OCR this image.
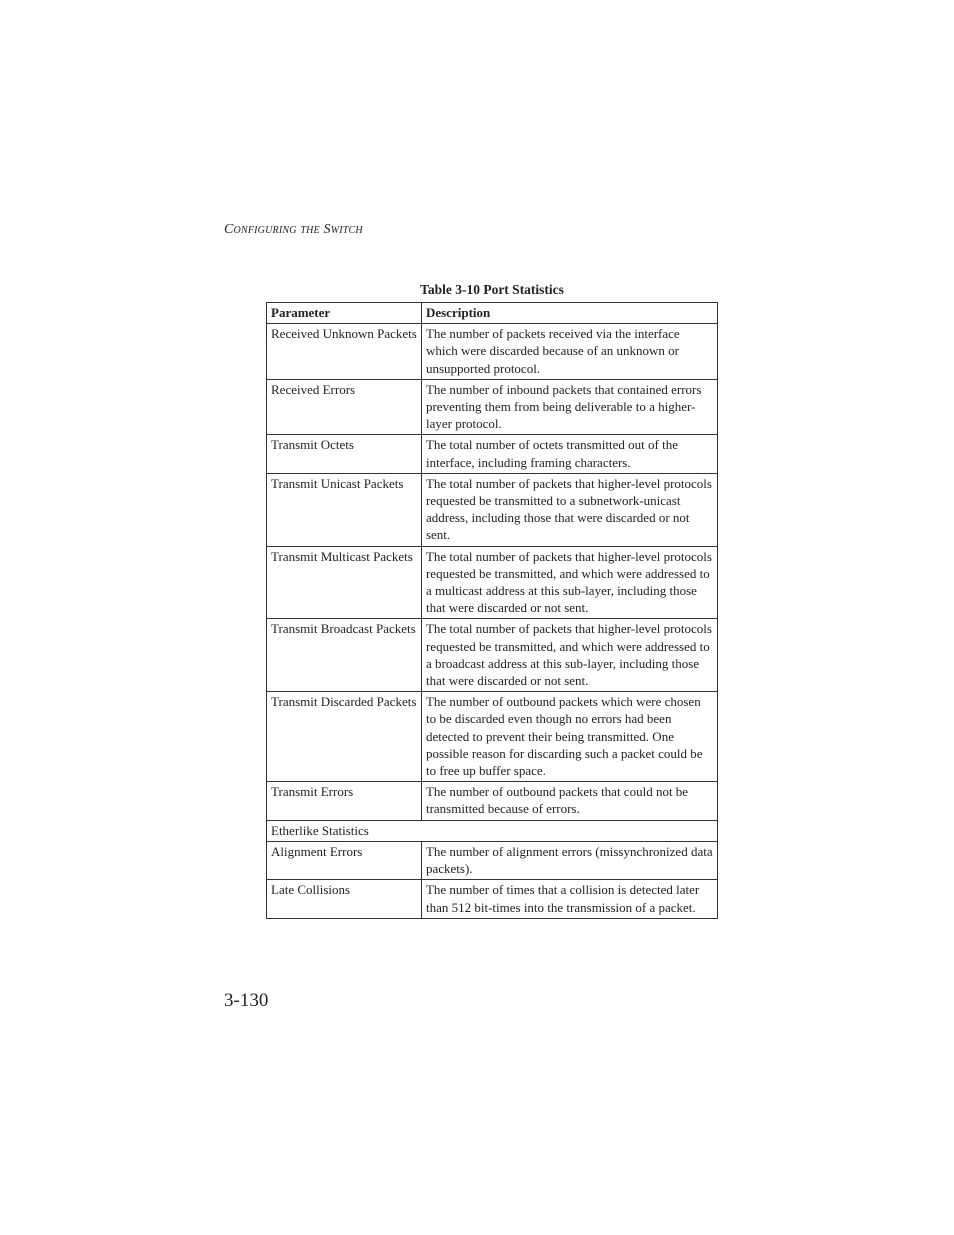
Configuring the Switch
Table 3-10 Port Statistics
Parameter	Description
Received Unknown Packets	The number of packets received via the interface which were discarded because of an unknown or unsupported protocol.
Received Errors	The number of inbound packets that contained errors preventing them from being deliverable to a higher-layer protocol.
Transmit Octets	The total number of octets transmitted out of the interface, including framing characters.
Transmit Unicast Packets	The total number of packets that higher-level protocols requested be transmitted to a subnetwork-unicast address, including those that were discarded or not sent.
Transmit Multicast Packets	The total number of packets that higher-level protocols requested be transmitted, and which were addressed to a multicast address at this sub-layer, including those that were discarded or not sent.
Transmit Broadcast Packets	The total number of packets that higher-level protocols requested be transmitted, and which were addressed to a broadcast address at this sub-layer, including those that were discarded or not sent.
Transmit Discarded Packets	The number of outbound packets which were chosen to be discarded even though no errors had been detected to prevent their being transmitted. One possible reason for discarding such a packet could be to free up buffer space.
Transmit Errors	The number of outbound packets that could not be transmitted because of errors.
Etherlike Statistics	
Alignment Errors	The number of alignment errors (missynchronized data packets).
Late Collisions	The number of times that a collision is detected later than 512 bit-times into the transmission of a packet.
3-130
